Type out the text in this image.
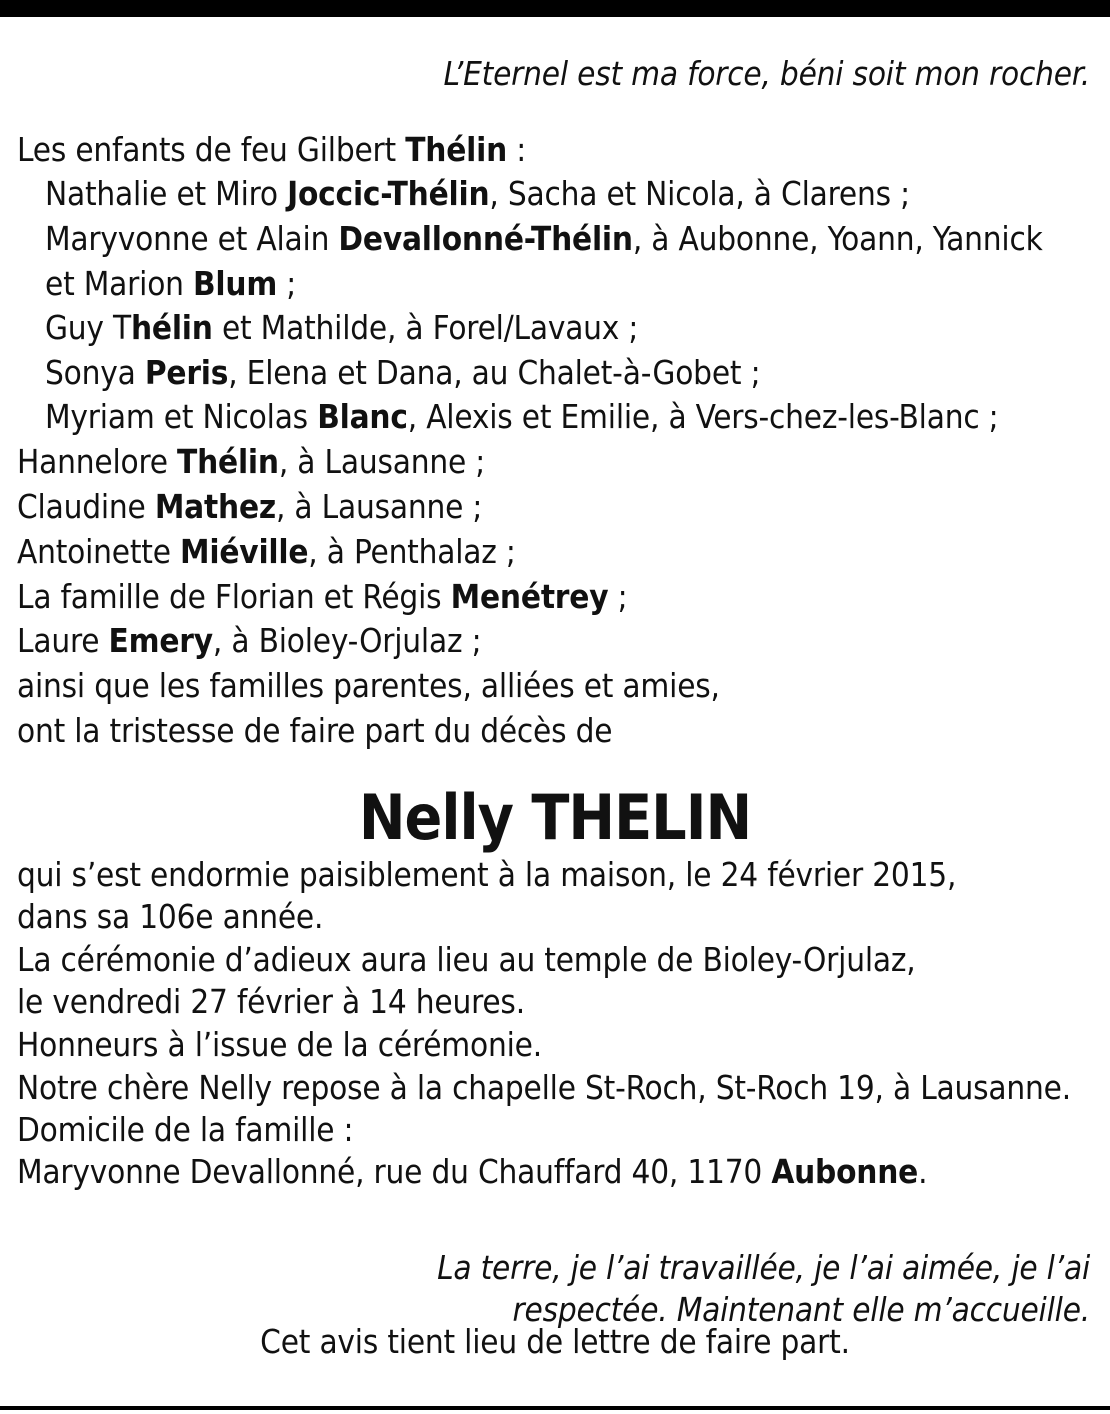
L’Eternel est ma force, béni soit mon rocher.
Les enfants de feu Gilbert Thélin :
Nathalie et Miro Joccic-Thélin, Sacha et Nicola, à Clarens ;
Maryvonne et Alain Devallonné-Thélin, à Aubonne, Yoann, Yannick
et Marion Blum ;
Guy Thélin et Mathilde, à Forel/Lavaux ;
Sonya Peris, Elena et Dana, au Chalet-à-Gobet ;
Myriam et Nicolas Blanc, Alexis et Emilie, à Vers-chez-les-Blanc ;
Hannelore Thélin, à Lausanne ;
Claudine Mathez, à Lausanne ;
Antoinette Miéville, à Penthalaz ;
La famille de Florian et Régis Menétrey ;
Laure Emery, à Bioley-Orjulaz ;
ainsi que les familles parentes, alliées et amies,
ont la tristesse de faire part du décès de
Nelly THELIN
qui s’est endormie paisiblement à la maison, le 24 février 2015,
dans sa 106e année.
La cérémonie d’adieux aura lieu au temple de Bioley-Orjulaz,
le vendredi 27 février à 14 heures.
Honneurs à l’issue de la cérémonie.
Notre chère Nelly repose à la chapelle St-Roch, St-Roch 19, à Lausanne.
Domicile de la famille :
Maryvonne Devallonné, rue du Chauffard 40, 1170 Aubonne.
La terre, je l’ai travaillée, je l’ai aimée, je l’ai
respectée. Maintenant elle m’accueille.
Cet avis tient lieu de lettre de faire part.
